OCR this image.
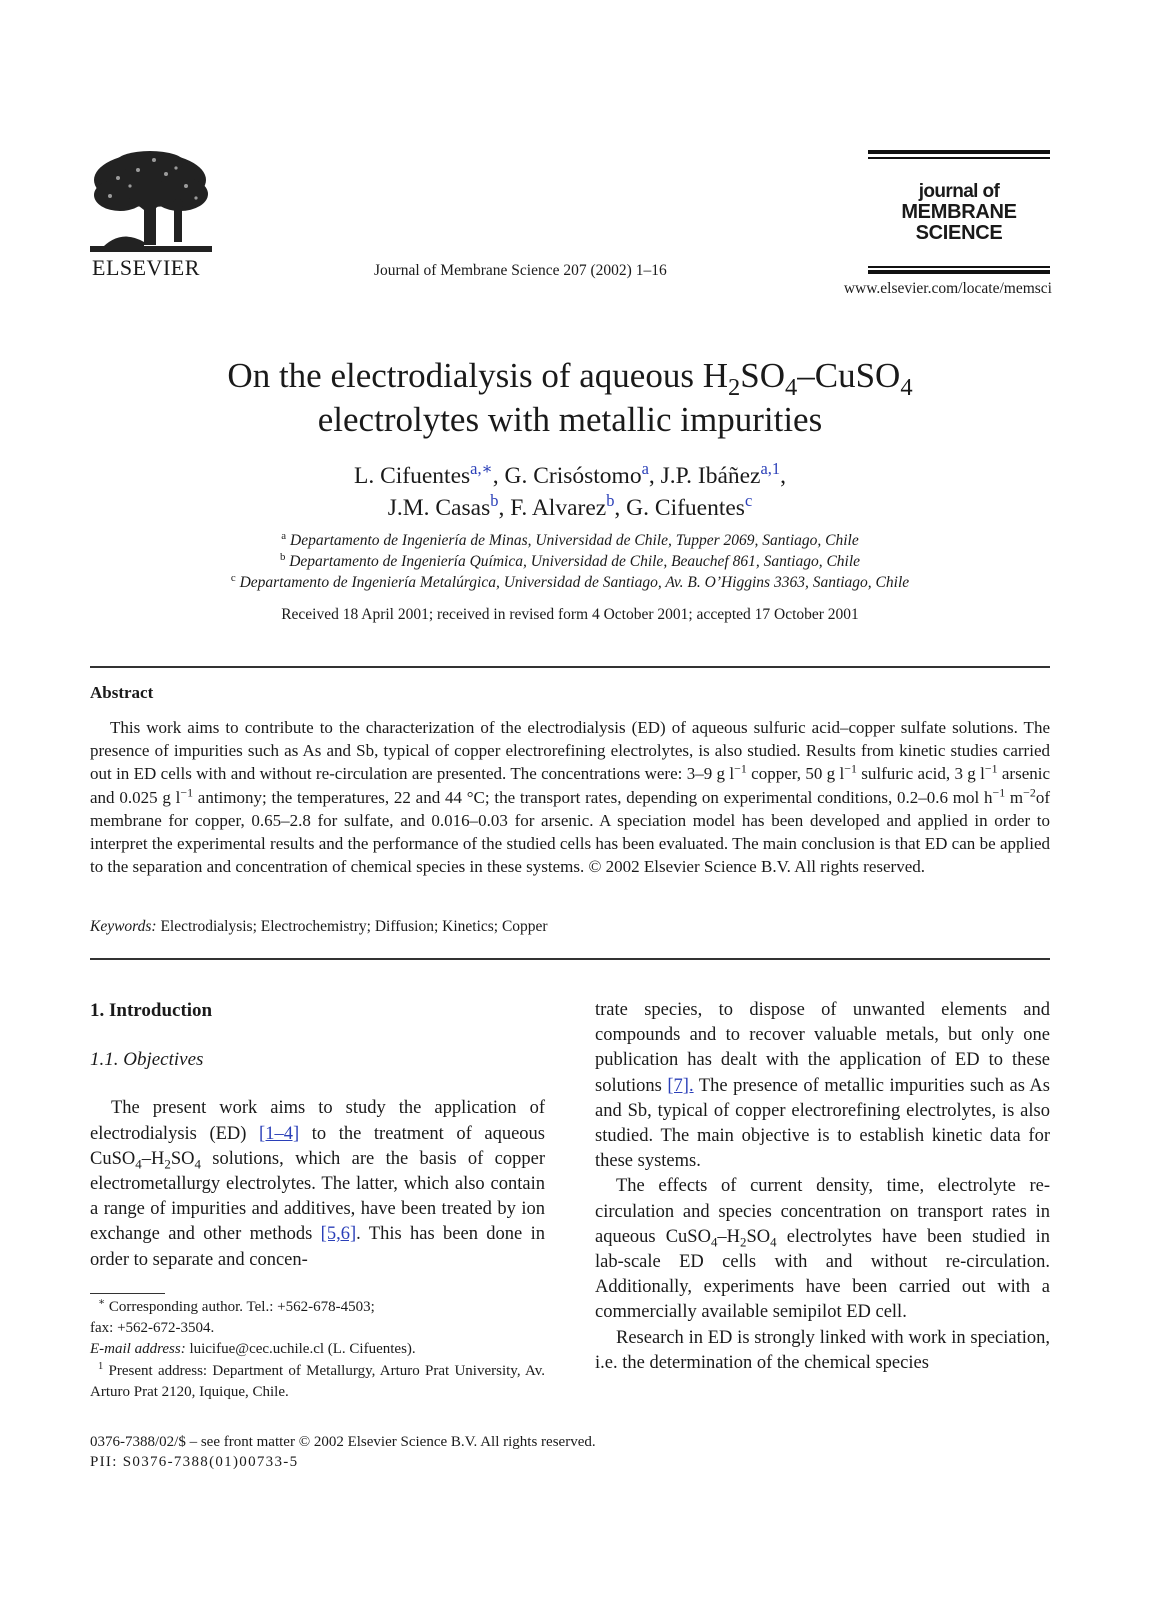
ELSEVIER	Journal of Membrane Science 207 (2002) 1–16
journal of
MEMBRANE
SCIENCE
www.elsevier.com/locate/memsci
On the electrodialysis of aqueous $H_2SO_4-CuSO_4$
electrolytes with metallic impurities
L. Cifuentes$^{a,∗}$, G. Crisóstomo$^a$, J.P. Ibáñez$^{a,1}$,
J.M. Casas$^b$, F. Alvarez$^b$, G. Cifuentes$^c$
$^a$ Departamento de Ingeniería de Minas, Universidad de Chile, Tupper 2069, Santiago, Chile
$^b$ Departamento de Ingeniería Química, Universidad de Chile, Beauchef 861, Santiago, Chile
$^c$ Departamento de Ingeniería Metalúrgica, Universidad de Santiago, Av. B. O’Higgins 3363, Santiago, Chile
Received 18 April 2001; received in revised form 4 October 2001; accepted 17 October 2001
Abstract
This work aims to contribute to the characterization of the electrodialysis (ED) of aqueous sulfuric acid–copper sulfate solutions. The presence of impurities such as As and Sb, typical of copper electrorefining electrolytes, is also studied. Results from kinetic studies carried out in ED cells with and without re-circulation are presented. The concentrations were: 3–9 g $l^{-1}$ copper, 50 g $l^{-1}$ sulfuric acid, 3 g $l^{-1}$ arsenic and 0.025 g $l^{-1}$ antimony; the temperatures, 22 and 44 °C; the transport rates, depending on experimental conditions, 0.2–0.6 mol $h^{-1}$ $m^{-2}of$ membrane for copper, 0.65–2.8 for sulfate, and 0.016–0.03 for arsenic. A speciation model has been developed and applied in order to interpret the experimental results and the performance of the studied cells has been evaluated. The main conclusion is that ED can be applied to the separation and concentration of chemical species in these systems. © 2002 Elsevier Science B.V. All rights reserved.
Keywords: Electrodialysis; Electrochemistry; Diffusion; Kinetics; Copper
1. Introduction
1.1. Objectives

The present work aims to study the application of electrodialysis (ED) [1–4] to the treatment of aqueous $CuSO_4-H_2SO_4$ solutions, which are the basis of copper electrometallurgy electrolytes. The latter, which also contain a range of impurities and additives, have been treated by ion exchange and other methods [5,6]. This has been done in order to separate and concen-

∗ Corresponding author. Tel.: +562-678-4503;

fax: +562-672-3504.

E-mail address: luicifue@cec.uchile.cl (L. Cifuentes).

$^1$ Present address: Department of Metallurgy, Arturo Prat University, Av. Arturo Prat 2120, Iquique, Chile.

trate species, to dispose of unwanted elements and compounds and to recover valuable metals, but only one publication has dealt with the application of ED to these solutions [7]. The presence of metallic impurities such as As and Sb, typical of copper electrorefining electrolytes, is also studied. The main objective is to establish kinetic data for these systems.

The effects of current density, time, electrolyte re-circulation and species concentration on transport rates in aqueous $CuSO_4-H_2SO_4$ electrolytes have been studied in lab-scale ED cells with and without re-circulation. Additionally, experiments have been carried out with a commercially available semipilot ED cell.

Research in ED is strongly linked with work in speciation, i.e. the determination of the chemical species

0376-7388/02/$ – see front matter © 2002 Elsevier Science B.V. All rights reserved.
PII: S0376-7388(01)00733-5
